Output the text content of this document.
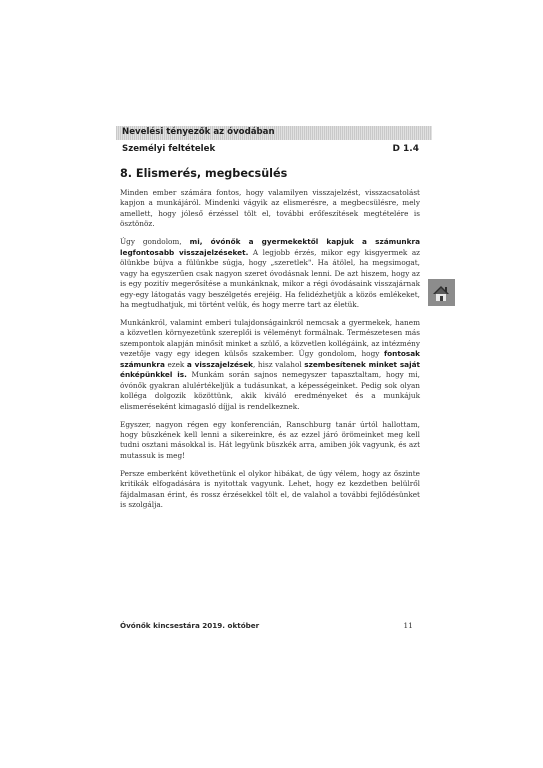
Nevelési tényezők az óvodában
Személyi feltételek	D 1.4
8. Elismerés, megbecsülés

Minden ember számára fontos, hogy valamilyen visszajelzést, visszacsatolást kapjon a munkájáról. Mindenki vágyik az elismerésre, a megbecsülésre, mely amellett, hogy jóleső érzéssel tölt el, további erőfeszítések megtételére is ösztönöz.

Úgy gondolom, mi, óvónők a gyermekektől kapjuk a számunkra legfontosabb visszajelzéseket. A legjobb érzés, mikor egy kisgyermek az ölünkbe bújva a fülünkbe súgja, hogy „szeretlek". Ha átölel, ha megsimogat, vagy ha egyszerűen csak nagyon szeret óvodásnak lenni. De azt hiszem, hogy az is egy pozitív megerősítése a munkánknak, mikor a régi óvodásaink visszajárnak egy-egy látogatás vagy beszélgetés erejéig. Ha felidézhetjük a közös emlékeket, ha megtudhatjuk, mi történt velük, és hogy merre tart az életük.

Munkánkról, valamint emberi tulajdonságainkról nemcsak a gyermekek, hanem a közvetlen környezetünk szereplői is véleményt formálnak. Természetesen más szempontok alapján minősít minket a szülő, a közvetlen kollégáink, az intézmény vezetője vagy egy idegen külsős szakember. Úgy gondolom, hogy fontosak számunkra ezek a visszajelzések, hisz valahol szembesítenek minket saját énképünkkel is. Munkám során sajnos nemegyszer tapasztaltam, hogy mi, óvónők gyakran alulértékeljük a tudásunkat, a képességeinket. Pedig sok olyan kolléga dolgozik közöttünk, akik kiváló eredményeket és a munkájuk elismeréseként kimagasló díjjal is rendelkeznek.

Egyszer, nagyon régen egy konferencián, Ranschburg tanár úrtól hallottam, hogy büszkének kell lenni a sikereinkre, és az ezzel járó örömeinket meg kell tudni osztani másokkal is. Hát legyünk büszkék arra, amiben jók vagyunk, és azt mutassuk is meg!

Persze emberként követhetünk el olykor hibákat, de úgy vélem, hogy az őszinte kritikák elfogadására is nyitottak vagyunk. Lehet, hogy ez kezdetben belülről fájdalmasan érint, és rossz érzésekkel tölt el, de valahol a további fejlődésünket is szolgálja.

Óvónők kincsestára 2019. október	11
